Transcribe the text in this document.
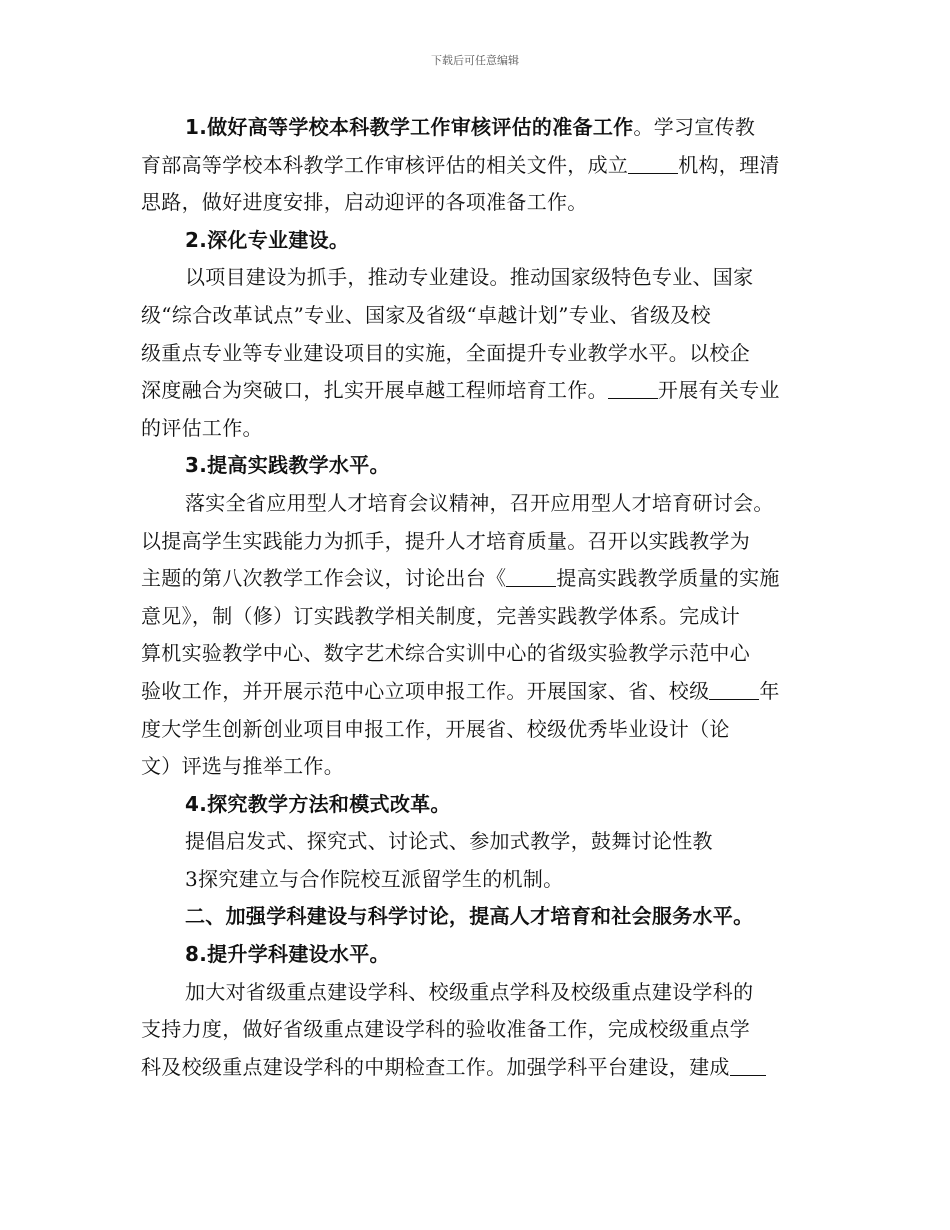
下载后可任意编辑
1.做好高等学校本科教学工作审核评估的准备工作。学习宣传教
育部高等学校本科教学工作审核评估的相关文件，成立	机构，理清
思路，做好进度安排，启动迎评的各项准备工作。
2.深化专业建设。
以项目建设为抓手，推动专业建设。推动国家级特色专业、国家
级“综合改革试点”专业、国家及省级“卓越计划”专业、省级及校
级重点专业等专业建设项目的实施，全面提升专业教学水平。以校企
深度融合为突破口，扎实开展卓越工程师培育工作。	开展有关专业
的评估工作。
3.提高实践教学水平。
落实全省应用型人才培育会议精神，召开应用型人才培育研讨会。
以提高学生实践能力为抓手，提升人才培育质量。召开以实践教学为
主题的第八次教学工作会议，讨论出台《	提高实践教学质量的实施
意见》，制（修）订实践教学相关制度，完善实践教学体系。完成计
算机实验教学中心、数字艺术综合实训中心的省级实验教学示范中心
验收工作，并开展示范中心立项申报工作。开展国家、省、校级	年
度大学生创新创业项目申报工作，开展省、校级优秀毕业设计（论
文）评选与推举工作。
4.探究教学方法和模式改革。
提倡启发式、探究式、讨论式、参加式教学，鼓舞讨论性教
3探究建立与合作院校互派留学生的机制。
二、加强学科建设与科学讨论，提高人才培育和社会服务水平。
8.提升学科建设水平。
加大对省级重点建设学科、校级重点学科及校级重点建设学科的
支持力度，做好省级重点建设学科的验收准备工作，完成校级重点学
科及校级重点建设学科的中期检查工作。加强学科平台建设，建成
